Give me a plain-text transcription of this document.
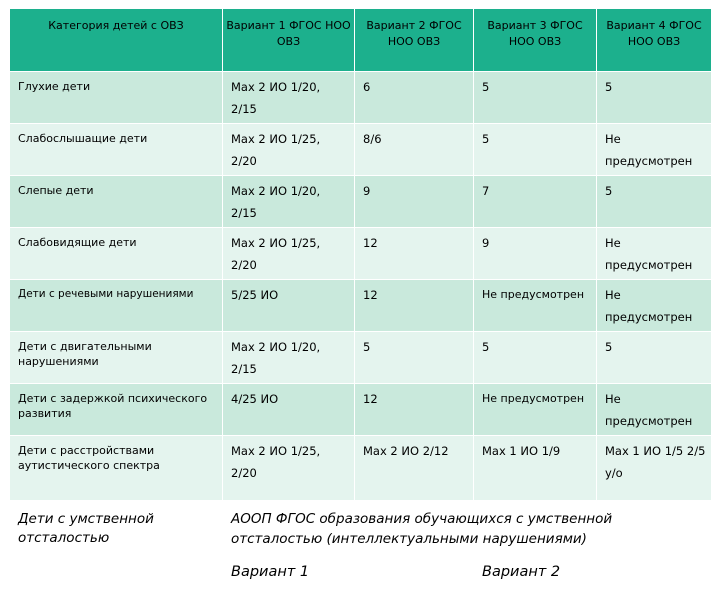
Категория детей с ОВЗ	Вариант 1 ФГОС НОО ОВЗ	Вариант 2 ФГОС НОО ОВЗ	Вариант 3 ФГОС НОО ОВЗ	Вариант 4 ФГОС НОО ОВЗ
Глухие дети	Max 2 ИО 1/20, 2/15	6	5	5
Слабослышащие дети	Max 2 ИО 1/25, 2/20	8/6	5	Не предусмотрен
Слепые дети	Max 2 ИО 1/20, 2/15	9	7	5
Слабовидящие дети	Max 2 ИО 1/25, 2/20	12	9	Не предусмотрен
Дети с речевыми нарушениями	5/25 ИО	12	Не предусмотрен	Не предусмотрен
Дети с двигательными нарушениями	Max 2 ИО 1/20, 2/15	5	5	5
Дети с задержкой психического развития	4/25 ИО	12	Не предусмотрен	Не предусмотрен
Дети с расстройствами аутистического спектра	Max 2 ИО 1/25, 2/20	Max 2 ИО 2/12	Max 1 ИО 1/9	Max 1 ИО 1/5 2/5 у/о
Дети с умственной отсталостью	АООП ФГОС образования обучающихся с умственной отсталостью (интеллектуальными нарушениями)			
	Вариант 1		Вариант 2	
